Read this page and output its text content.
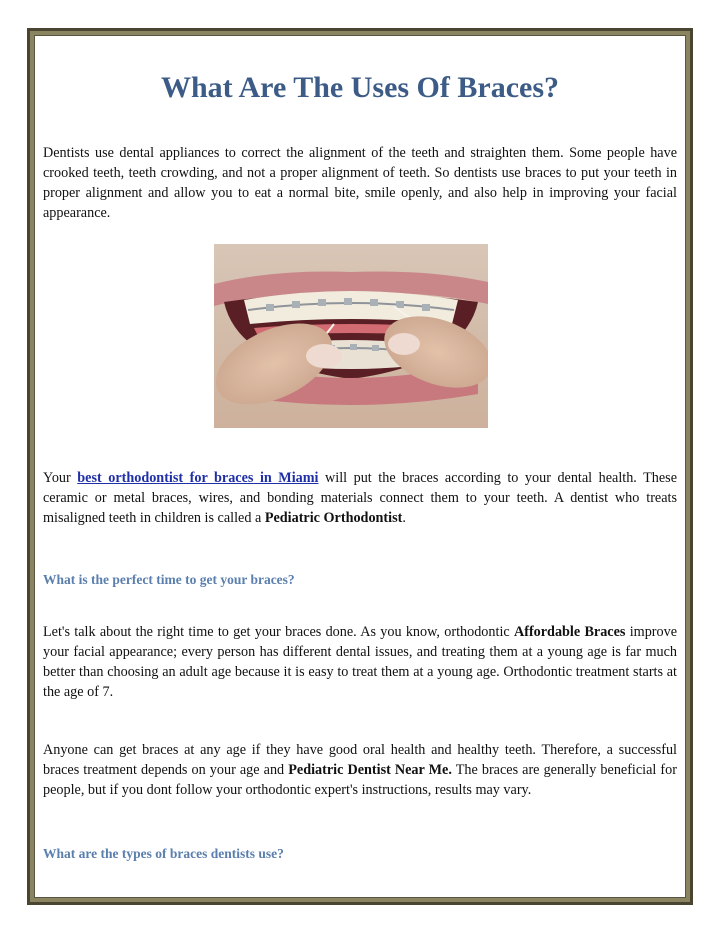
What Are The Uses Of Braces?

Dentists use dental appliances to correct the alignment of the teeth and straighten them. Some people have crooked teeth, teeth crowding, and not a proper alignment of teeth. So dentists use braces to put your teeth in proper alignment and allow you to eat a normal bite, smile openly, and also help in improving your facial appearance.

Your best orthodontist for braces in Miami will put the braces according to your dental health. These ceramic or metal braces, wires, and bonding materials connect them to your teeth. A dentist who treats misaligned teeth in children is called a Pediatric Orthodontist.

What is the perfect time to get your braces?

Let's talk about the right time to get your braces done. As you know, orthodontic Affordable Braces improve your facial appearance; every person has different dental issues, and treating them at a young age is far much better than choosing an adult age because it is easy to treat them at a young age. Orthodontic treatment starts at the age of 7.

Anyone can get braces at any age if they have good oral health and healthy teeth. Therefore, a successful braces treatment depends on your age and Pediatric Dentist Near Me. The braces are generally beneficial for people, but if you dont follow your orthodontic expert's instructions, results may vary.

What are the types of braces dentists use?
